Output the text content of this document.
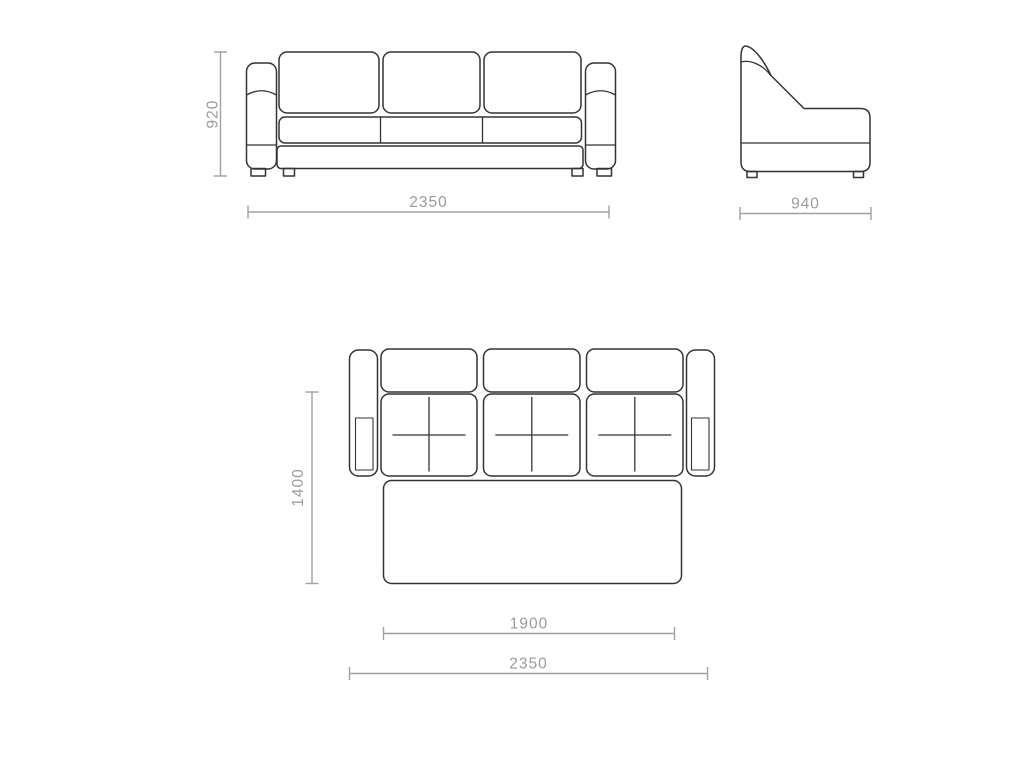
920
2350	940
1400
1900
2350
